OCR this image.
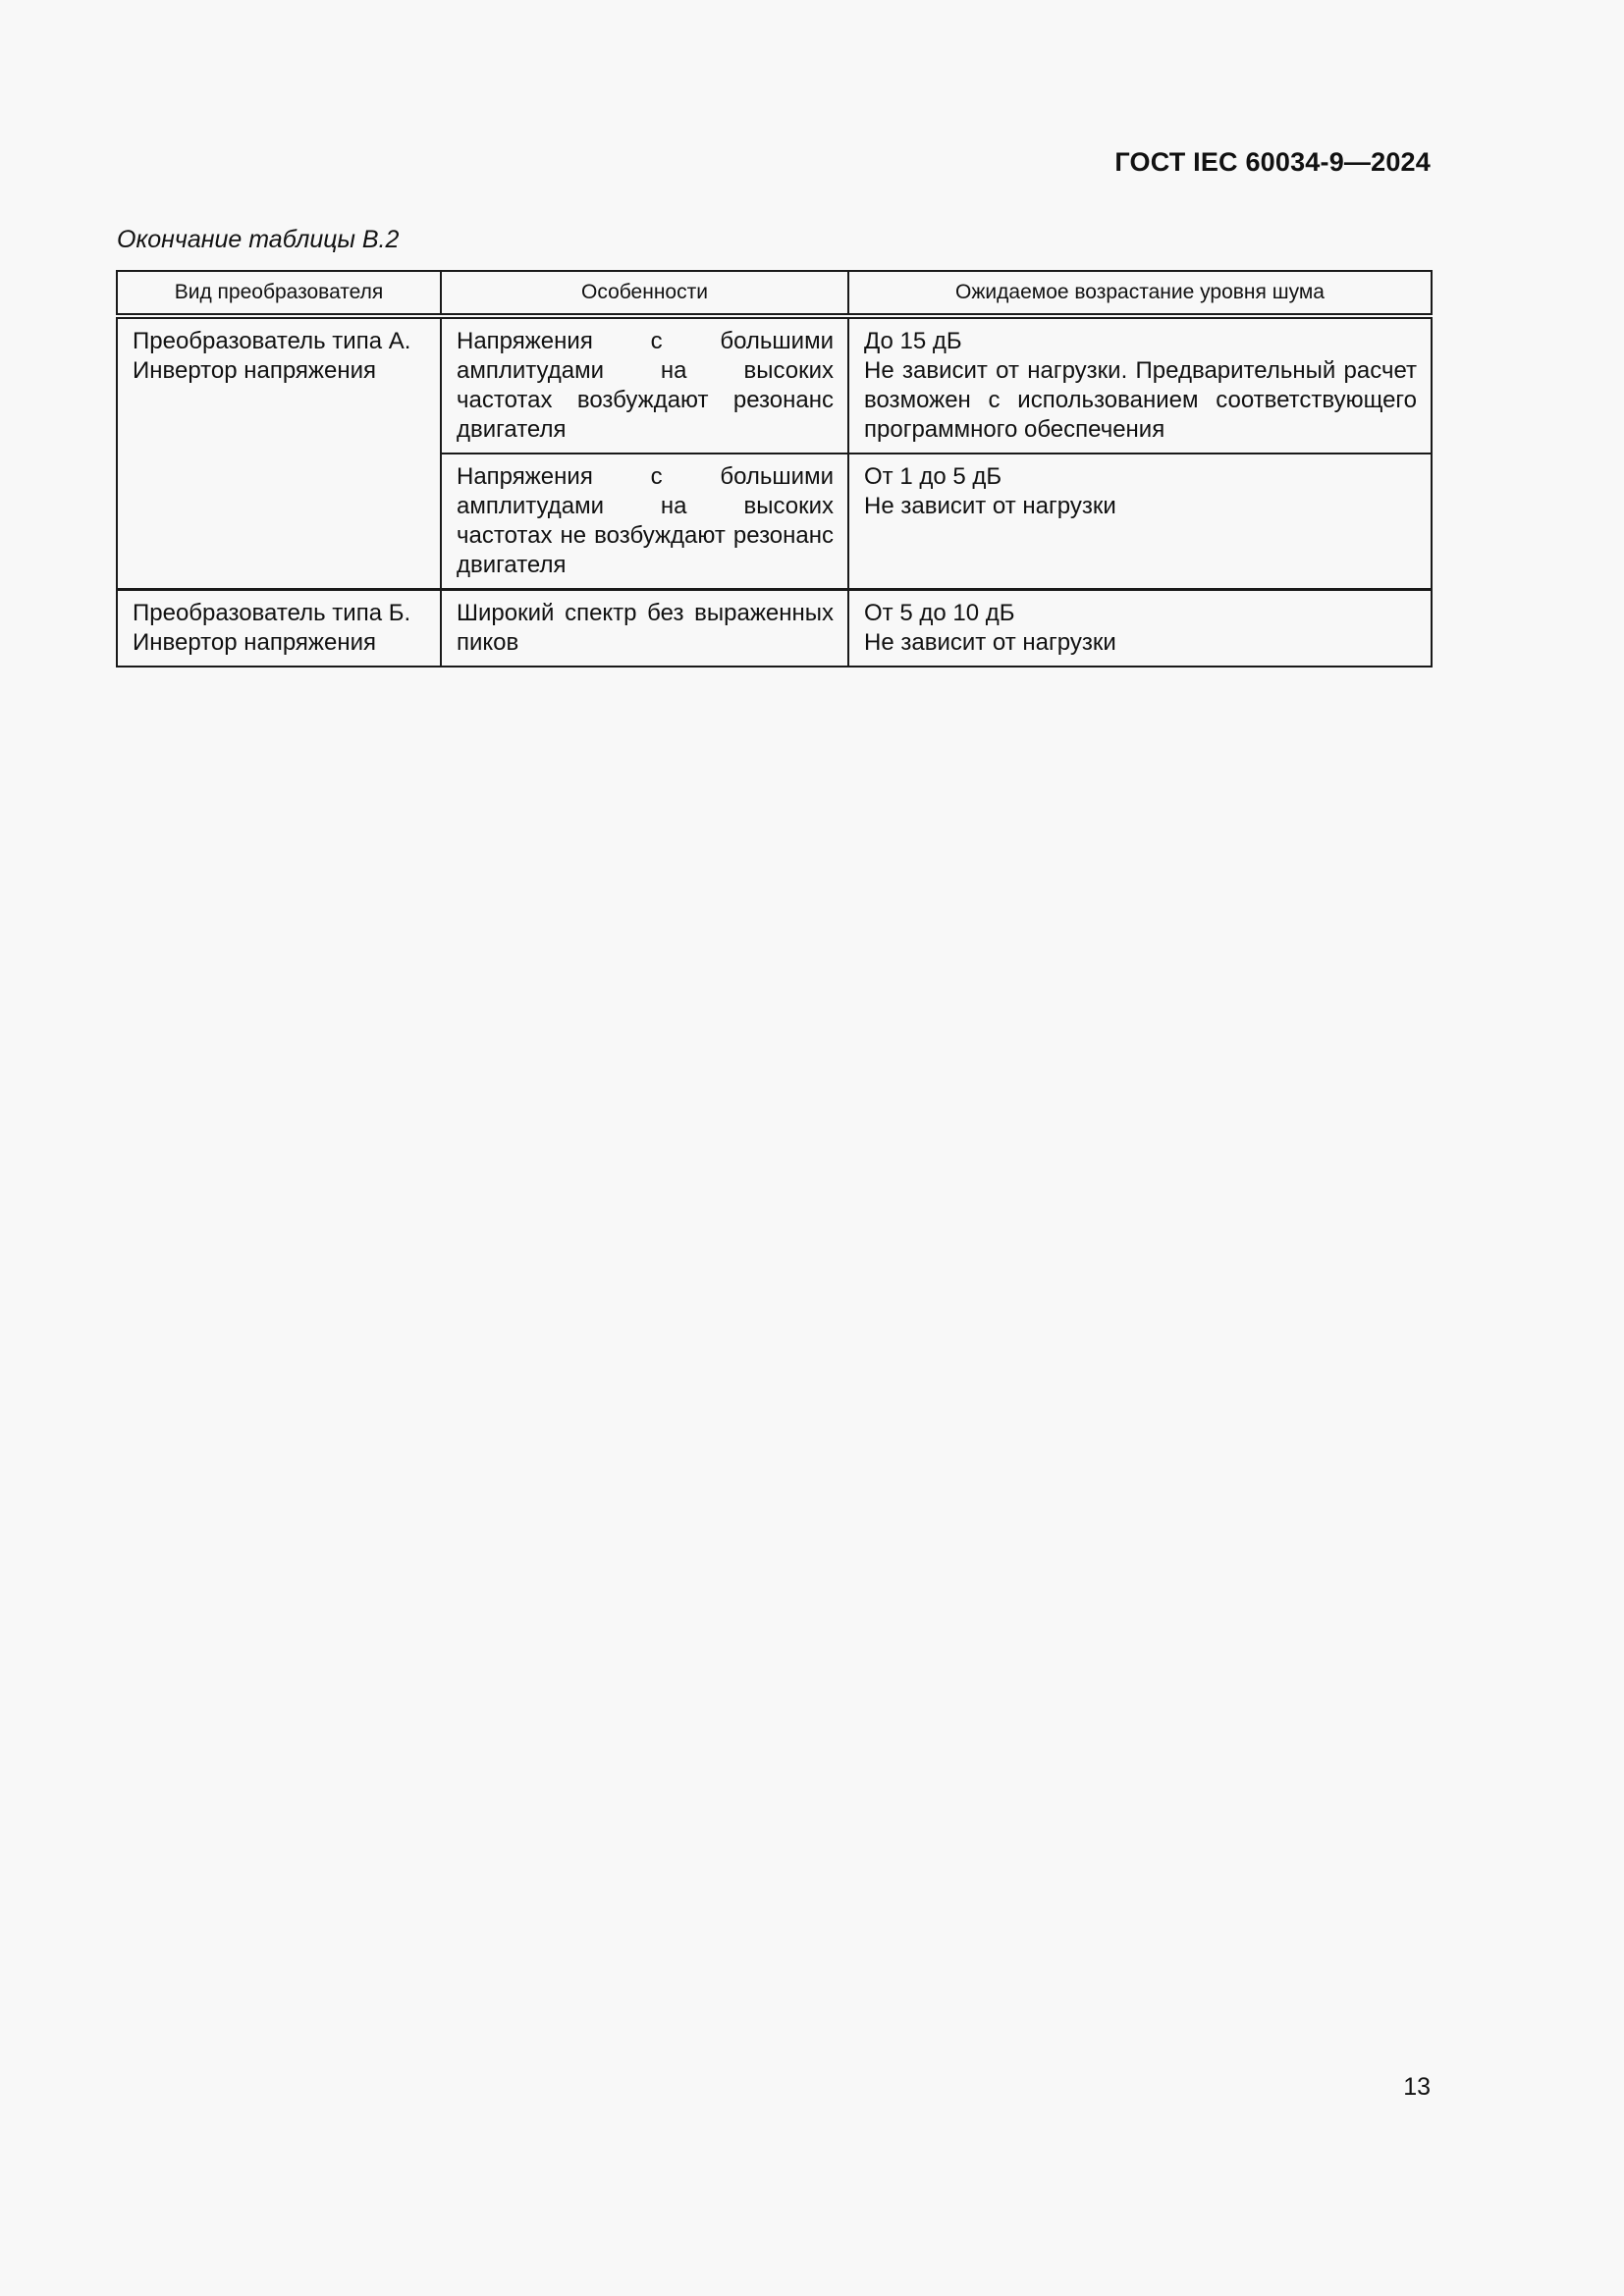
ГОСТ IEC 60034-9—2024
Окончание таблицы В.2
Вид преобразователя	Особенности	Ожидаемое возрастание уровня шума
Преобразователь типа А. Инвертор напряжения	Напряжения с большими амплитудами на высоких частотах возбуждают резонанс двигателя	До 15 дБ
Не зависит от нагрузки. Предварительный расчет возможен с использованием соответствующего программного обеспечения

	Напряжения с большими амплитудами на высоких частотах не возбуждают резонанс двигателя	От 1 до 5 дБ
Не зависит от нагрузки

Преобразователь типа Б. Инвертор напряжения	Широкий спектр без выраженных пиков	От 5 до 10 дБ
Не зависит от нагрузки
13
